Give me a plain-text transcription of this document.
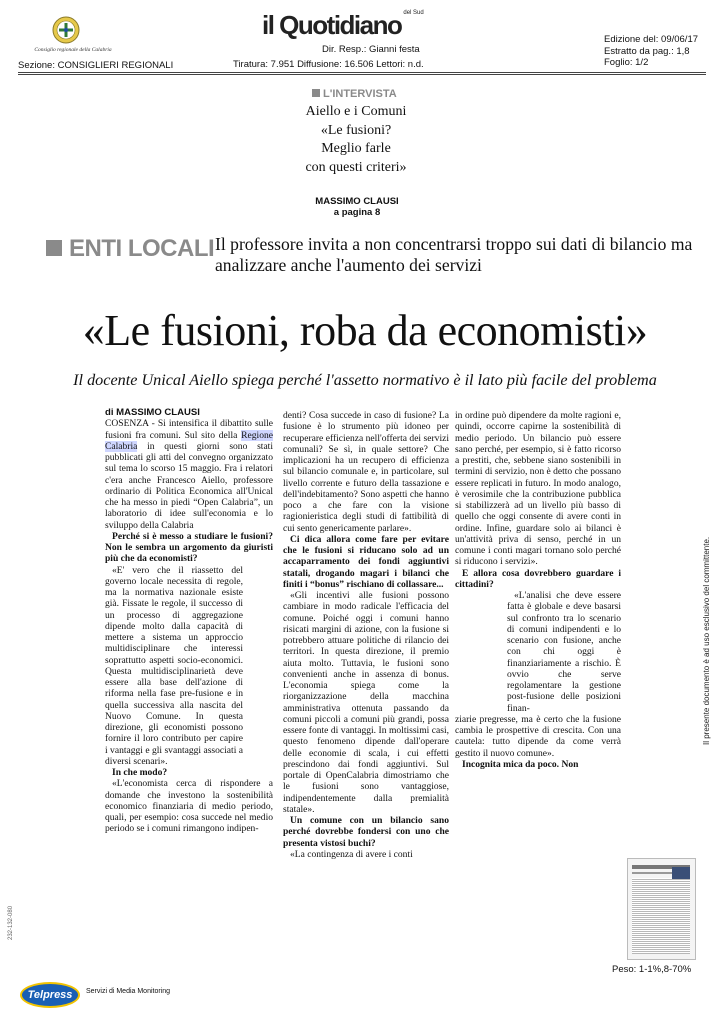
Consiglio regionale della Calabria
Sezione: CONSIGLIERI REGIONALI
il Quotidiano $^{del Sud}$
Dir. Resp.: Gianni festa
Tiratura: 7.951 Diffusione: 16.506 Lettori: n.d.
Edizione del: 09/06/17
Estratto da pag.: 1,8
Foglio: 1/2
L'INTERVISTA
Aiello e i Comuni
«Le fusioni?
Meglio farle
con questi criteri»
MASSIMO CLAUSI
a pagina 8
ENTI LOCALI Il professore invita a non concentrarsi troppo sui dati di bilancio ma analizzare anche l'aumento dei servizi
«Le fusioni, roba da economisti»
Il docente Unical Aiello spiega perché l'assetto normativo è il lato più facile del problema

di MASSIMO CLAUSI

COSENZA - Si intensifica il dibattito sulle fusioni fra comuni. Sul sito della Regione Calabria in questi giorni sono stati pubblicati gli atti del convegno organizzato sul tema lo scorso 15 maggio. Fra i relatori c'era anche Francesco Aiello, professore ordinario di Politica Economica all'Unical che ha messo in piedi “Open Calabria”, un laboratorio di idee sull'economia e lo sviluppo della Calabria

Perché si è messo a studiare le fusioni? Non le sembra un argomento da giuristi più che da economisti?

«E' vero che il riassetto del governo locale necessita di regole, ma la normativa nazionale esiste già. Fissate le regole, il successo di un processo di aggregazione dipende molto dalla capacità di mettere a sistema un approccio multidisciplinare che interessi soprattutto aspetti socio-economici. Questa multidisciplinarietà deve essere alla base dell'azione di riforma nella fase pre-fusione e in quella successiva alla nascita del Nuovo Comune. In questa direzione, gli economisti possono fornire il loro contributo per capire i vantaggi e gli svantaggi associati a diversi scenari».

In che modo?

«L'economista cerca di rispondere a domande che investono la sostenibilità economico finanziaria di medio periodo, quali, per esempio: cosa succede nel medio periodo se i comuni rimangono indipen-

denti? Cosa succede in caso di fusione? La fusione è lo strumento più idoneo per recuperare efficienza nell'offerta dei servizi comunali? Se sì, in quale settore? Che implicazioni ha un recupero di efficienza sul bilancio comunale e, in particolare, sul livello corrente e futuro della tassazione e dell'indebitamento? Sono aspetti che hanno poco a che fare con la visione ragionieristica degli studi di fattibilità di cui sento genericamente parlare».

Ci dica allora come fare per evitare che le fusioni si riducano solo ad un accaparramento dei fondi aggiuntivi statali, drogando magari i bilanci che finiti i “bonus” rischiano di collassare...

«Gli incentivi alle fusioni possono cambiare in modo radicale l'efficacia del comune. Poiché oggi i comuni hanno risicati margini di azione, con la fusione si potrebbero attuare politiche di rilancio dei territori. In questa direzione, il premio aiuta molto. Tuttavia, le fusioni sono convenienti anche in assenza di bonus. L'economia spiega come la riorganizzazione della macchina amministrativa ottenuta passando da comuni piccoli a comuni più grandi, possa essere fonte di vantaggi. In moltissimi casi, questo fenomeno dipende dall'operare delle economie di scala, i cui effetti prescindono dai fondi aggiuntivi. Sul portale di OpenCalabria dimostriamo che le fusioni sono vantaggiose, indipendentemente dalla premialità statale».

Un comune con un bilancio sano perché dovrebbe fondersi con uno che presenta vistosi buchi?

«La contingenza di avere i conti

in ordine può dipendere da molte ragioni e, quindi, occorre capirne la sostenibilità di medio periodo. Un bilancio può essere sano perché, per esempio, si è fatto ricorso a prestiti, che, sebbene siano sostenibili in termini di servizio, non è detto che possano essere replicati in futuro. In modo analogo, è verosimile che la contribuzione pubblica si stabilizzerà ad un livello più basso di quello che oggi consente di avere conti in ordine. Infine, guardare solo ai bilanci è un'attività priva di senso, perché in un comune i conti magari tornano solo perché si riducono i servizi».

E allora cosa dovrebbero guardare i cittadini?

«L'analisi che deve essere fatta è globale e deve basarsi sul confronto tra lo scenario di comuni indipendenti e lo scenario con fusione, anche con chi oggi è finanziariamente a rischio. È ovvio che serve regolamentare la gestione post-fusione delle posizioni finan-

ziarie pregresse, ma è certo che la fusione cambia le prospettive di crescita. Con una cautela: tutto dipende da come verrà gestito il nuovo comune».

Incognita mica da poco. Non

Peso: 1-1%,8-70%
Il presente documento è ad uso esclusivo del committente.
232-132-080
Telpress	Servizi di Media Monitoring
